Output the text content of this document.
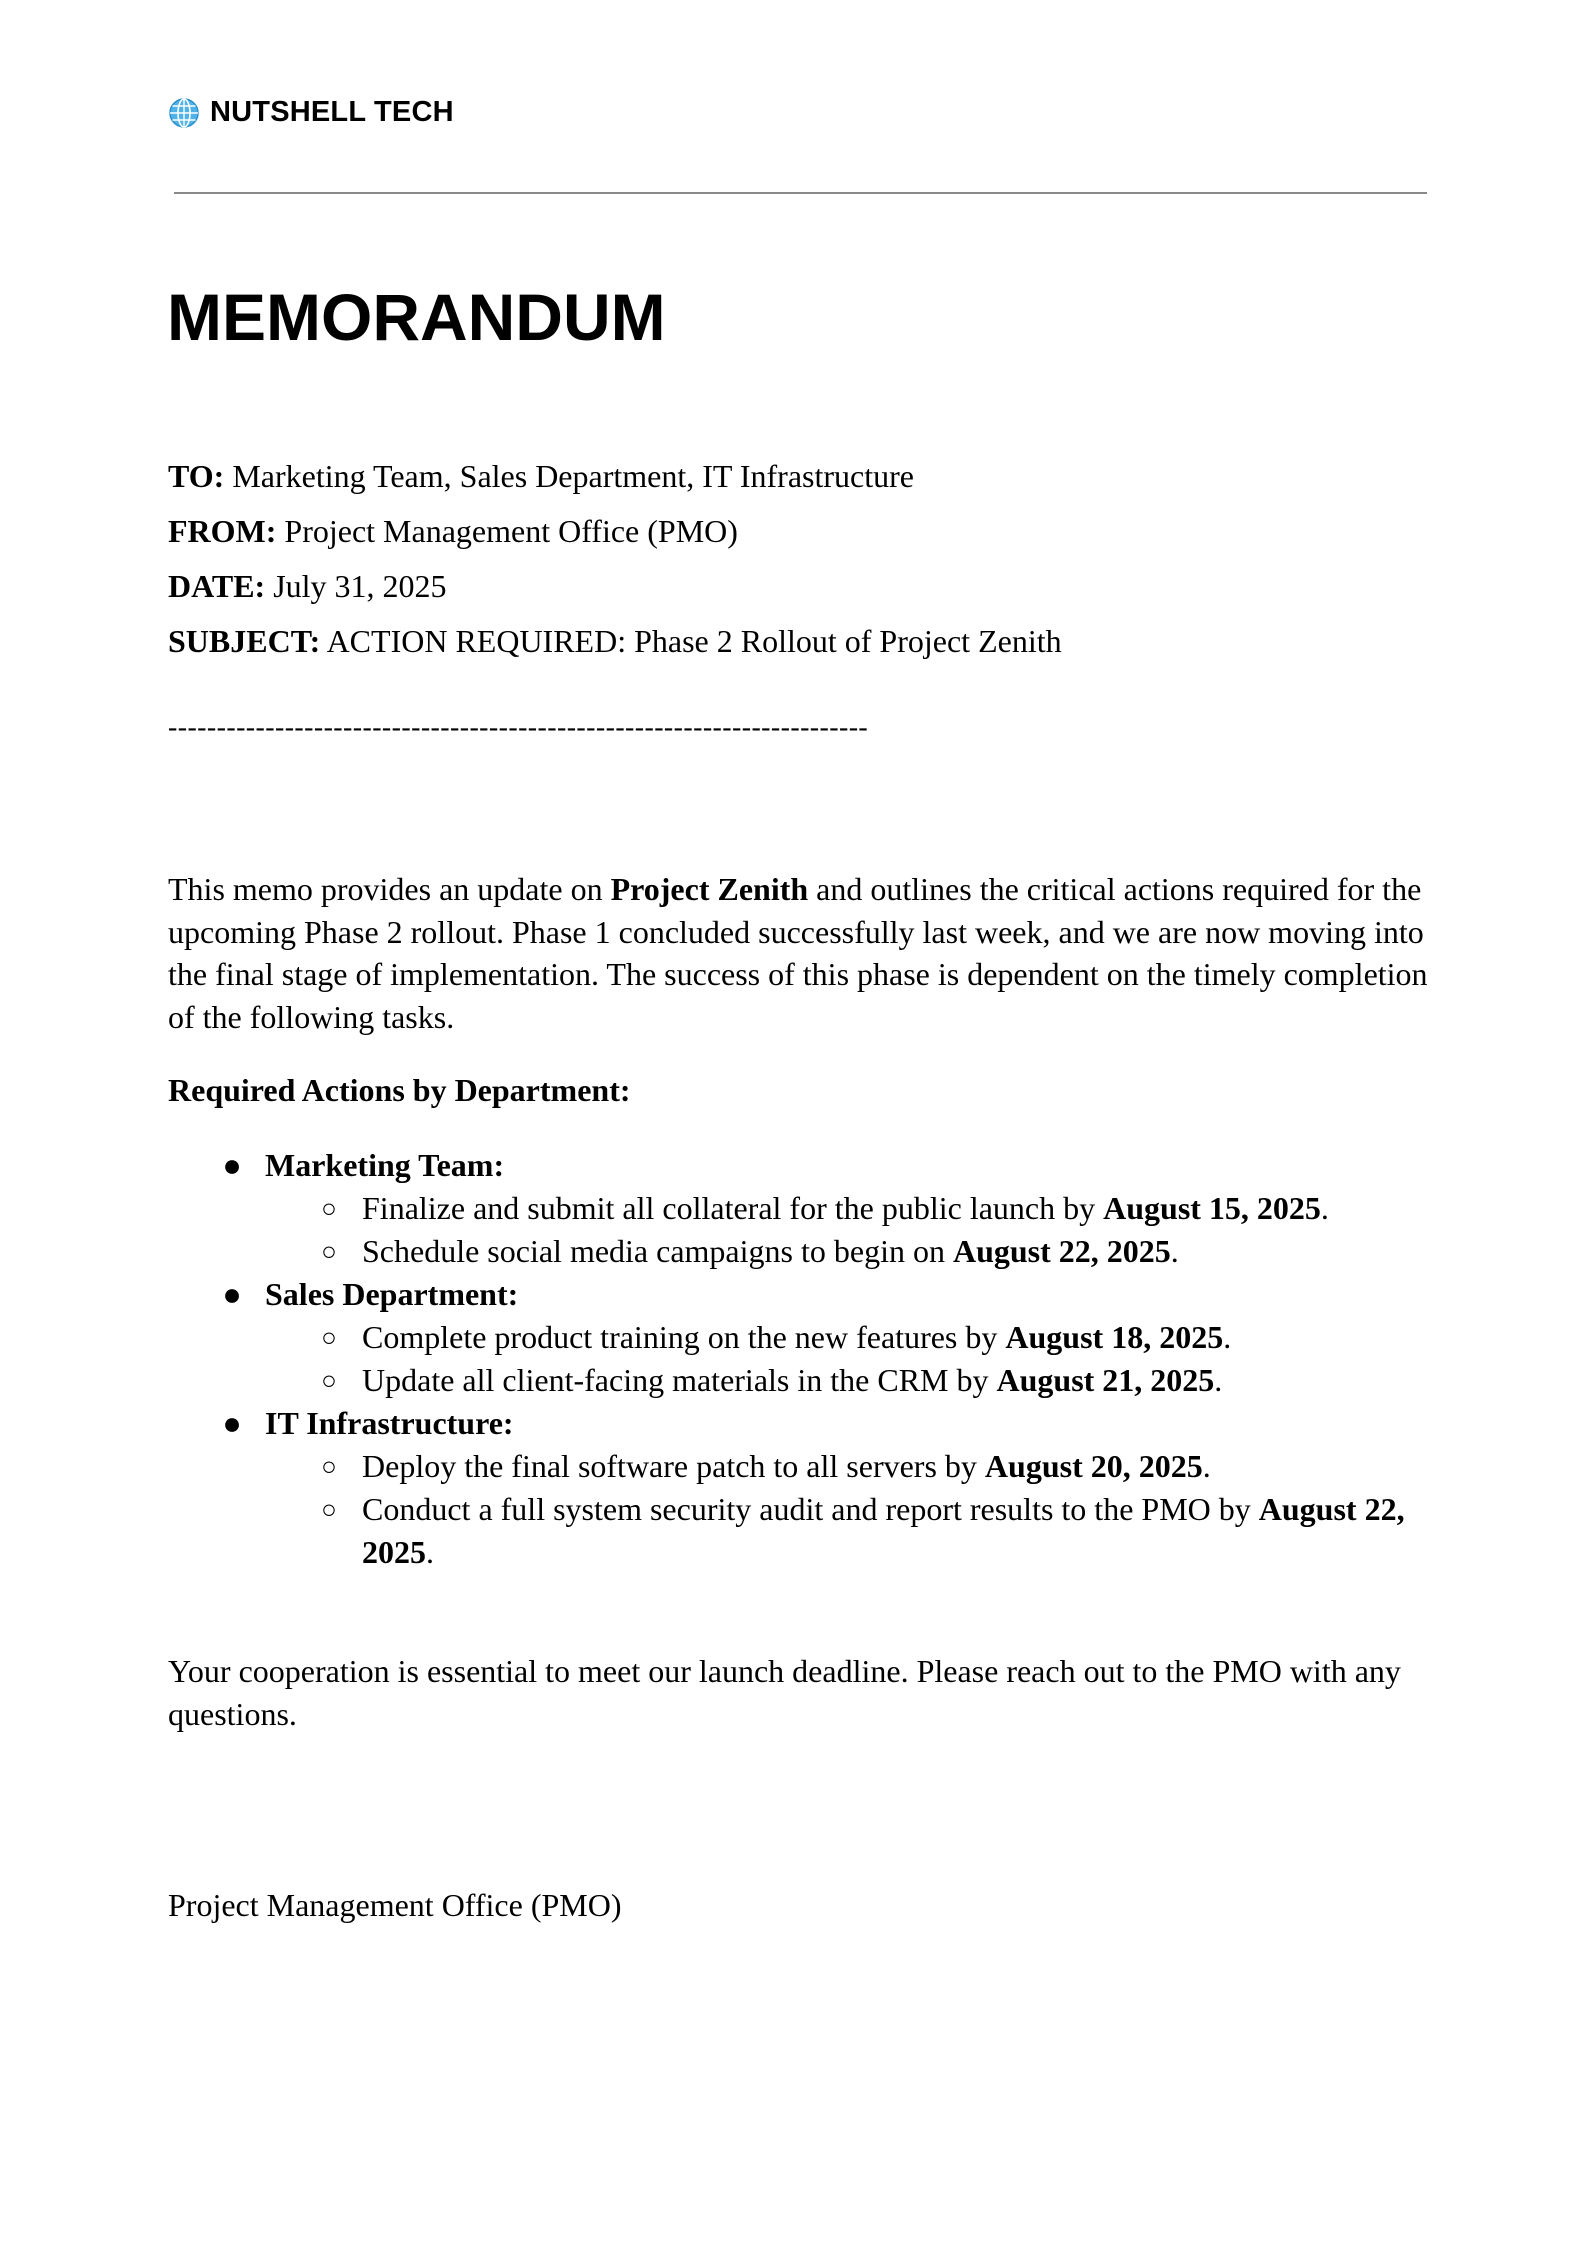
NUTSHELL TECH
MEMORANDUM
TO: Marketing Team, Sales Department, IT Infrastructure
FROM: Project Management Office (PMO)
DATE: July 31, 2025
SUBJECT: ACTION REQUIRED: Phase 2 Rollout of Project Zenith
------------------------------------------------------------------------

This memo provides an update on Project Zenith and outlines the critical actions required for the upcoming Phase 2 rollout. Phase 1 concluded successfully last week, and we are now moving into the final stage of implementation. The success of this phase is dependent on the timely completion of the following tasks.

Required Actions by Department:

● Marketing Team:
○ Finalize and submit all collateral for the public launch by August 15, 2025.
○ Schedule social media campaigns to begin on August 22, 2025.
● Sales Department:
○ Complete product training on the new features by August 18, 2025.
○ Update all client-facing materials in the CRM by August 21, 2025.
● IT Infrastructure:
○ Deploy the final software patch to all servers by August 20, 2025.
○ Conduct a full system security audit and report results to the PMO by August 22, 2025.

Your cooperation is essential to meet our launch deadline. Please reach out to the PMO with any questions.

Project Management Office (PMO)
